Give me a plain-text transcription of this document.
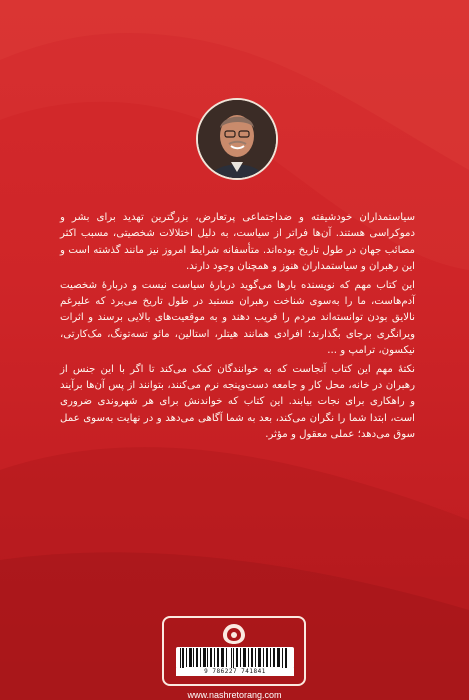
سیاستمداران خودشیفته و ضداجتماعی پرتعارض، بزرگترین تهدید برای بشر و دموکراسی هستند. آن‌ها فراتر از سیاست، به دلیل اختلالات شخصیتی، مسبب اکثر مصائب جهان در طول تاریخ بوده‌اند. متأسفانه شرایط امروز نیز مانند گذشته است و این رهبران و سیاستمداران هنوز و همچنان وجود دارند.

این کتاب مهم که نویسنده بارها می‌گوید دربارهٔ سیاست نیست و دربارهٔ شخصیت آدم‌هاست، ما را به‌سوی شناخت رهبران مستبد در طول تاریخ می‌برد که علیرغم نالایق بودن توانسته‌اند مردم را فریب دهند و به موقعیت‌های بالایی برسند و اثرات ویرانگری برجای بگذارند؛ افرادی همانند هیتلر، استالین، مائو تسه‌تونگ، مک‌کارتی، نیکسون، ترامپ و ...

نکتهٔ مهم این کتاب آنجاست که به خوانندگان کمک می‌کند تا اگر با این جنس از رهبران در خانه، محل کار و جامعه دست‌وپنجه نرم می‌کنند، بتوانند از پس آن‌ها برآیند و راهکاری برای نجات بیابند. این کتاب که خواندنش برای هر شهروندی ضروری است، ابتدا شما را نگران می‌کند، بعد به شما آگاهی می‌دهد و در نهایت به‌سوی عمل سوق می‌دهد؛ عملی معقول و مؤثر.

9 786227 741841
www.nashretorang.com
